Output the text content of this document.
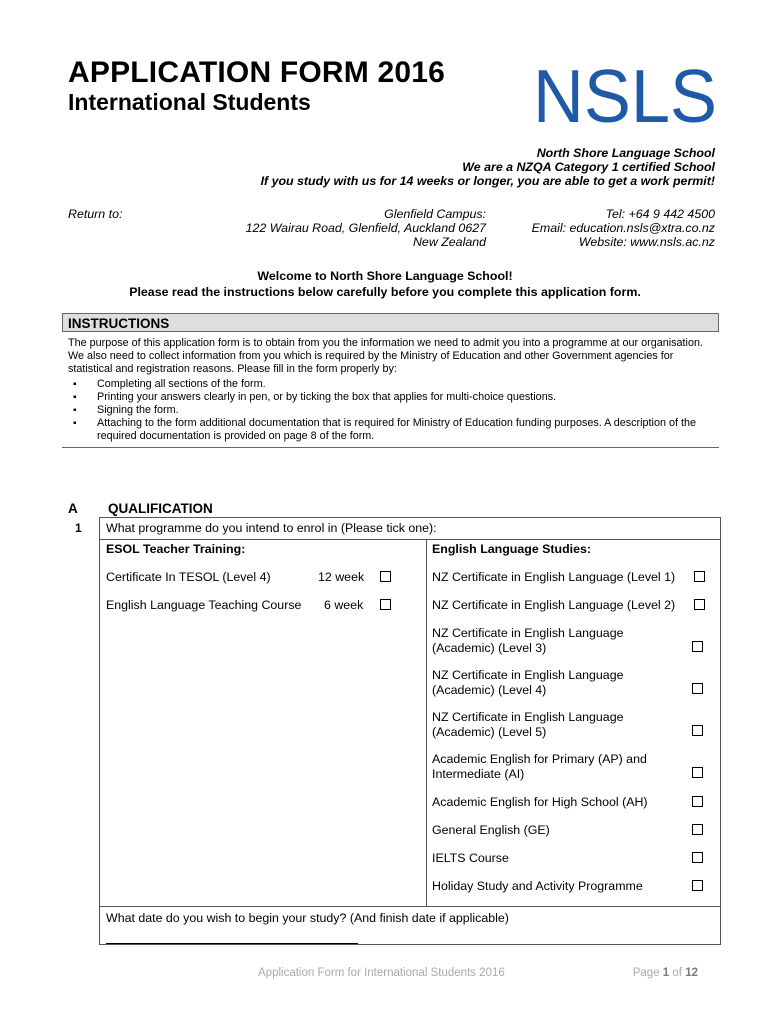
APPLICATION FORM 2016
International Students	NSLS
North Shore Language School
We are a NZQA Category 1 certified School
If you study with us for 14 weeks or longer, you are able to get a work permit!
Return to:	Glenfield Campus:
122 Wairau Road, Glenfield, Auckland 0627
New Zealand
Tel: +64 9 442 4500
Email: education.nsls@xtra.co.nz
Website: www.nsls.ac.nz
Welcome to North Shore Language School!
Please read the instructions below carefully before you complete this application form.
INSTRUCTIONS
The purpose of this application form is to obtain from you the information we need to admit you into a programme at our organisation. We also need to collect information from you which is required by the Ministry of Education and other Government agencies for statistical and registration reasons. Please fill in the form properly by:
▪ Completing all sections of the form.
▪ Printing your answers clearly in pen, or by ticking the box that applies for multi-choice questions.
▪ Signing the form.
▪ Attaching to the form additional documentation that is required for Ministry of Education funding purposes. A description of the required documentation is provided on page 8 of the form.
A QUALIFICATION
1 What programme do you intend to enrol in (Please tick one):
ESOL Teacher Training:	English Language Studies:
Certificate In TESOL (Level 4)	12 week
English Language Teaching Course 6 week
NZ Certificate in English Language (Level 1)
NZ Certificate in English Language (Level 2)
NZ Certificate in English Language (Academic) (Level 3)
NZ Certificate in English Language (Academic) (Level 4)
NZ Certificate in English Language (Academic) (Level 5)
Academic English for Primary (AP) and Intermediate (AI)
Academic English for High School (AH)
General English (GE)
IELTS Course
Holiday Study and Activity Programme
What date do you wish to begin your study? (And finish date if applicable)
Application Form for International Students 2016	Page 1 of 12
